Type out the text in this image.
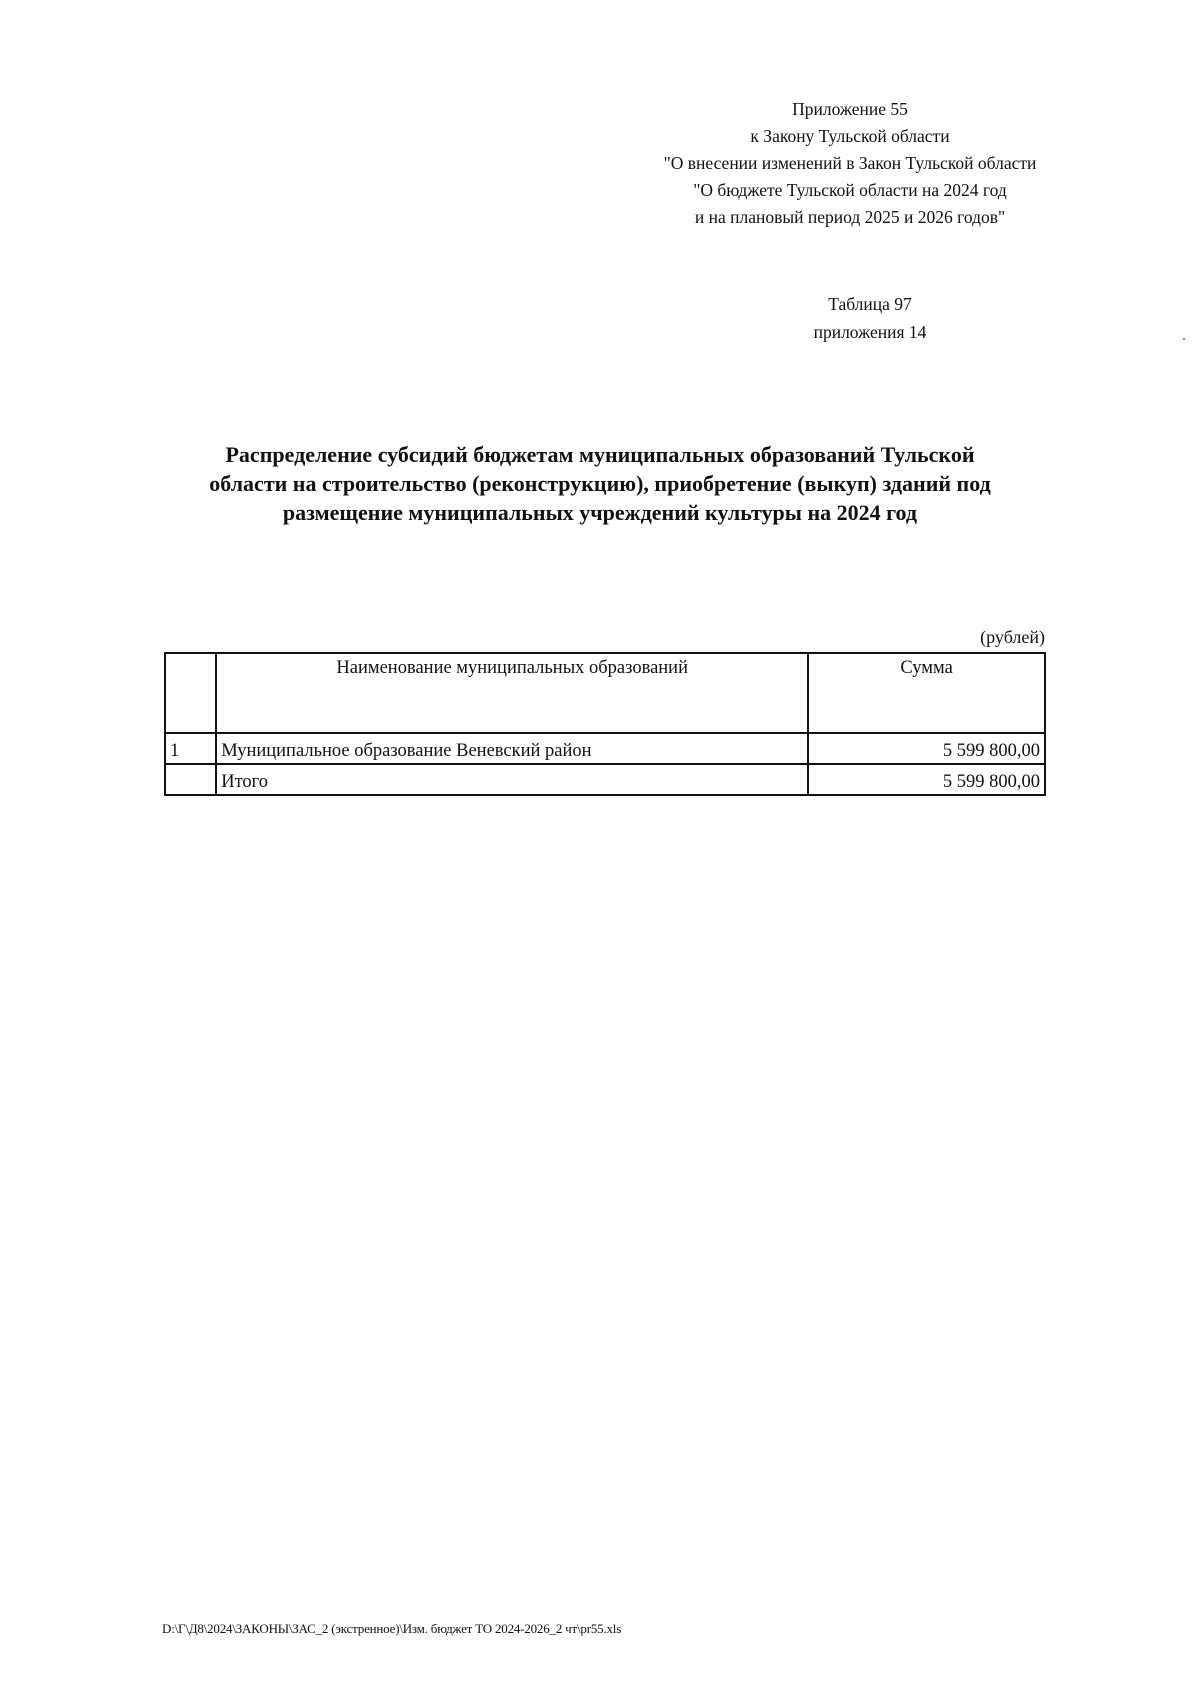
Приложение 55
к Закону Тульской области
"О внесении изменений в Закон Тульской области
"О бюджете Тульской области на 2024 год
и на плановый период 2025 и 2026 годов"
Таблица 97
приложения 14
Распределение субсидий бюджетам муниципальных образований Тульской
области на строительство (реконструкцию), приобретение (выкуп) зданий под
размещение муниципальных учреждений культуры на 2024 год
(рублей)
	Наименование муниципальных образований	Сумма
1	Муниципальное образование Веневский район	5 599 800,00
	Итого	5 599 800,00
D:\Г\Д8\2024\ЗАКОНЫ\ЗАС_2 (экстренное)\Изм. бюджет ТО 2024-2026_2 чт\pr55.xls
